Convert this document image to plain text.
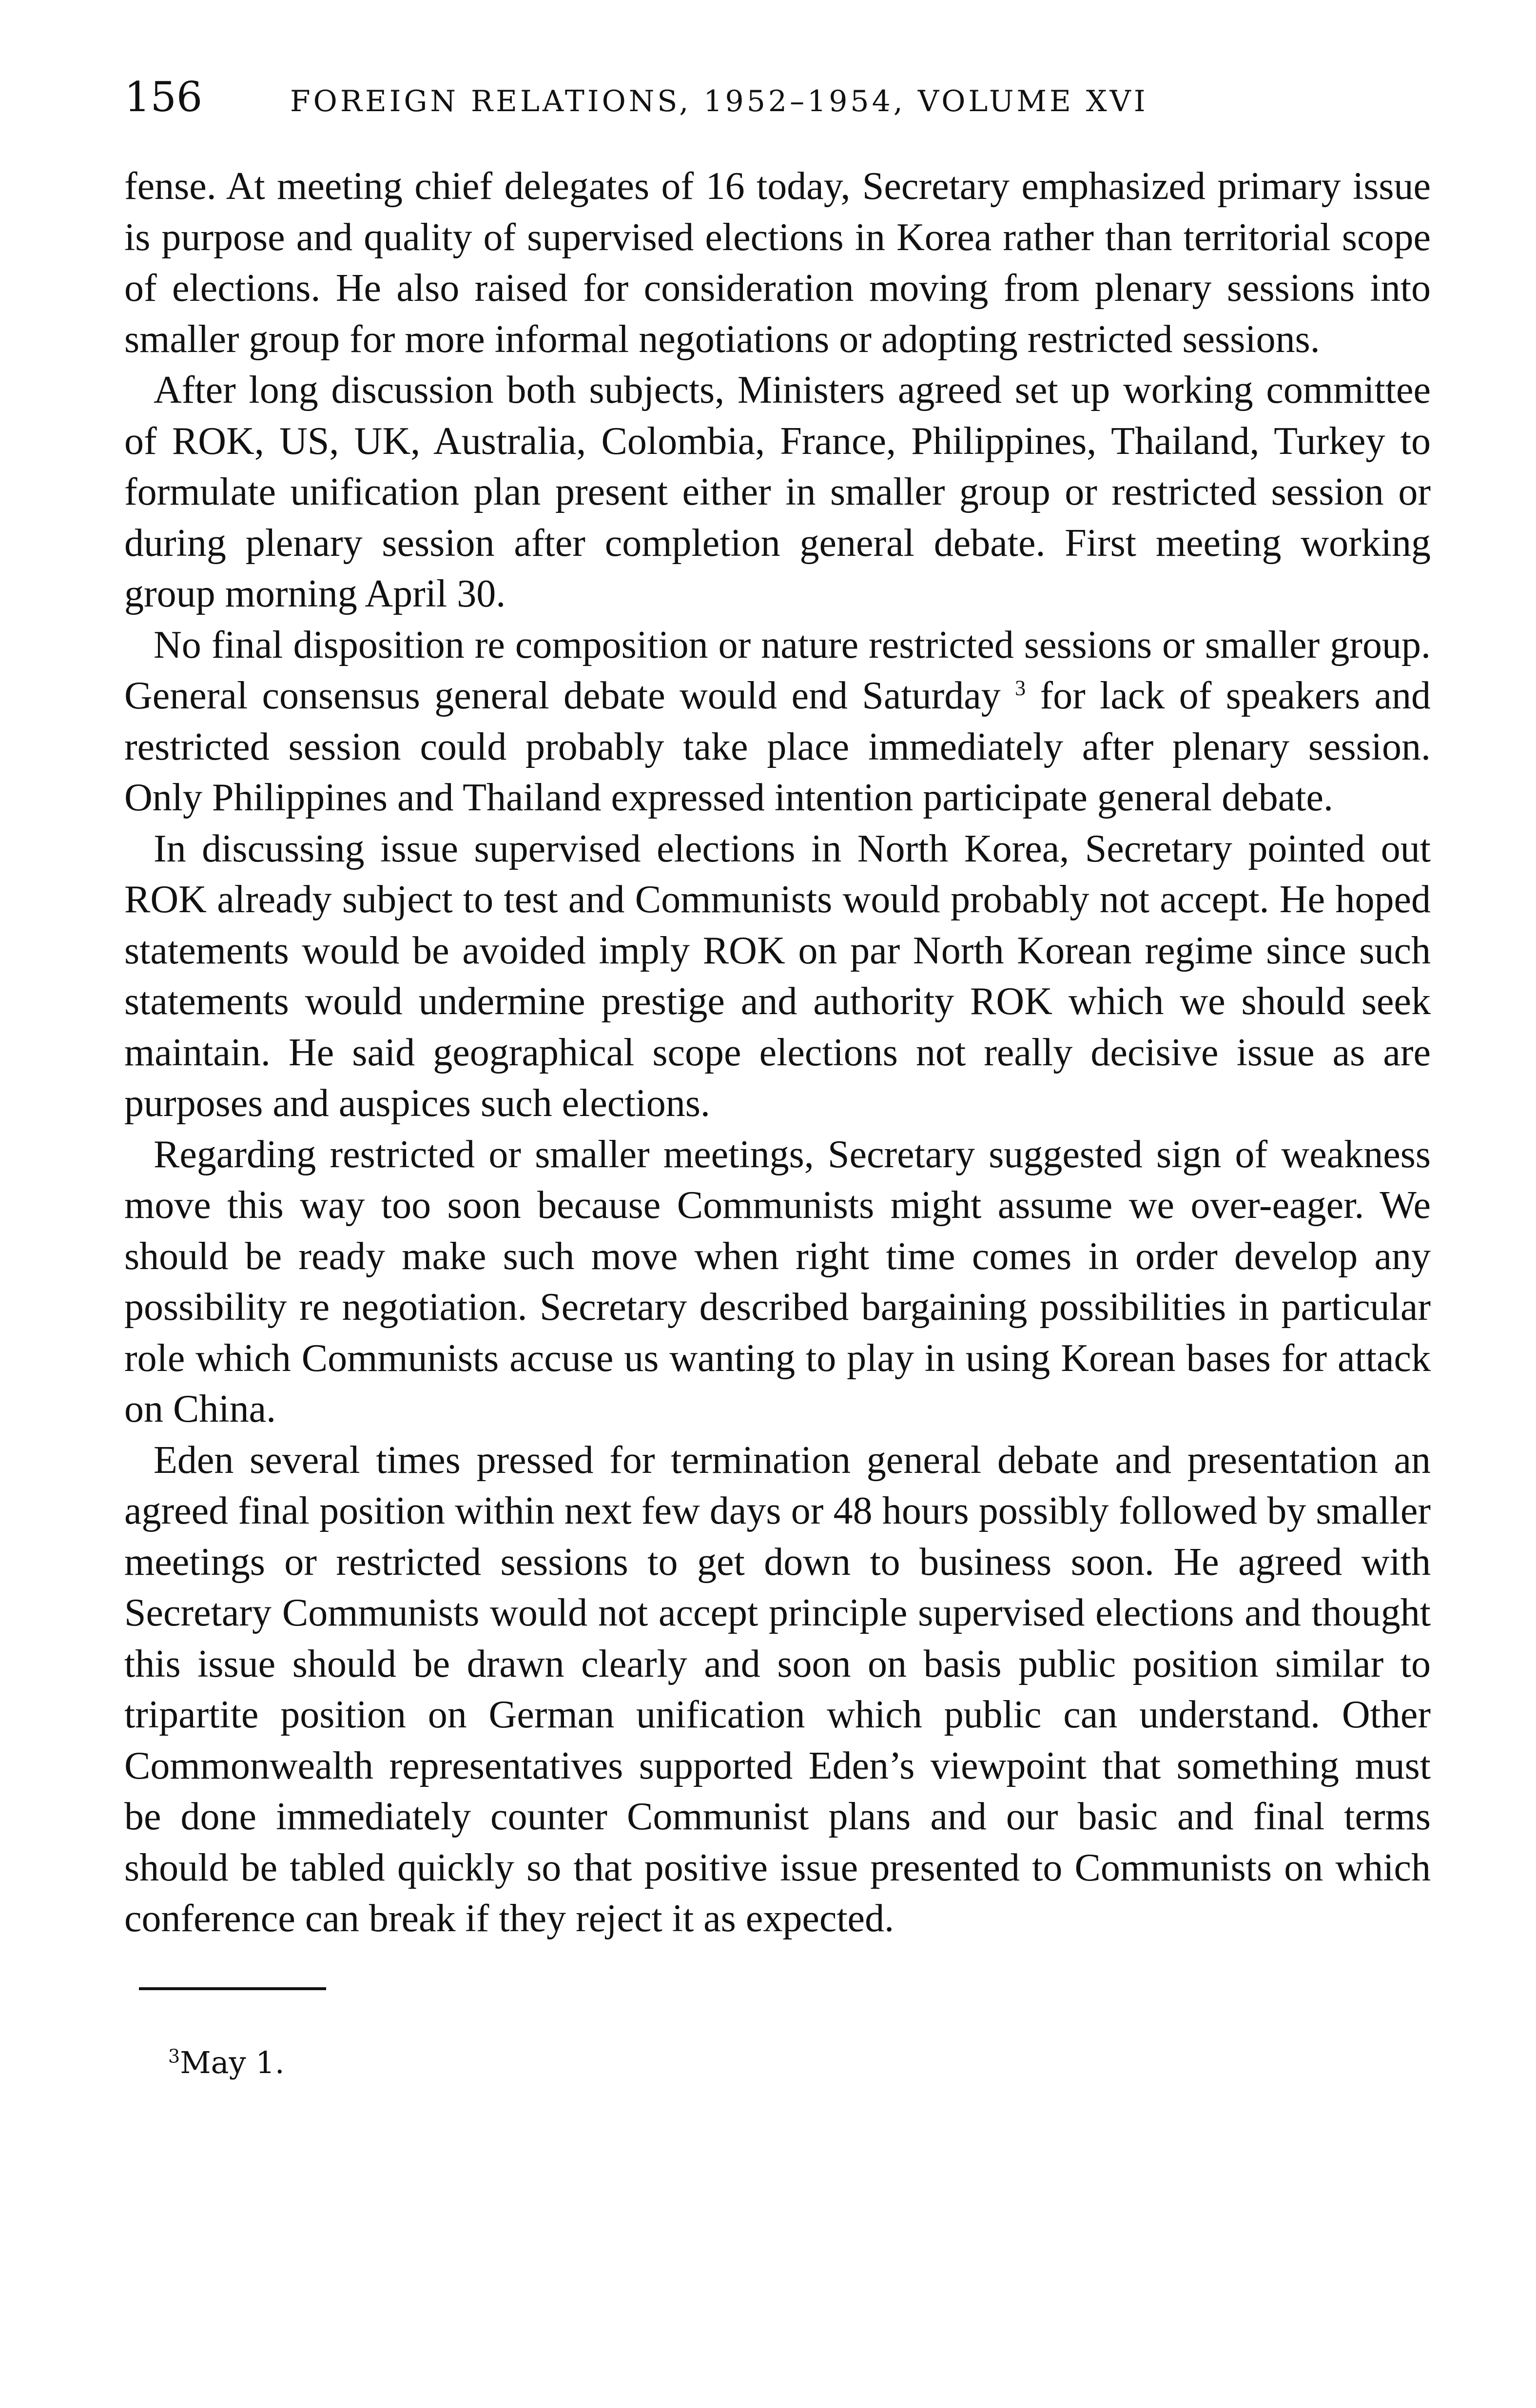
156	FOREIGN RELATIONS, 1952–1954, VOLUME XVI

fense. At meeting chief delegates of 16 today, Secretary emphasized primary issue is purpose and quality of supervised elections in Korea rather than territorial scope of elections. He also raised for consideration moving from plenary sessions into smaller group for more informal negotiations or adopting restricted sessions.

After long discussion both subjects, Ministers agreed set up working committee of ROK, US, UK, Australia, Colombia, France, Philippines, Thailand, Turkey to formulate unification plan present either in smaller group or restricted session or during plenary session after completion general debate. First meeting working group morning April 30.

No final disposition re composition or nature restricted sessions or smaller group. General consensus general debate would end Saturday $^3$ for lack of speakers and restricted session could probably take place immediately after plenary session. Only Philippines and Thailand expressed intention participate general debate.

In discussing issue supervised elections in North Korea, Secretary pointed out ROK already subject to test and Communists would probably not accept. He hoped statements would be avoided imply ROK on par North Korean regime since such statements would undermine prestige and authority ROK which we should seek maintain. He said geographical scope elections not really decisive issue as are purposes and auspices such elections.

Regarding restricted or smaller meetings, Secretary suggested sign of weakness move this way too soon because Communists might assume we over-eager. We should be ready make such move when right time comes in order develop any possibility re negotiation. Secretary described bargaining possibilities in particular role which Communists accuse us wanting to play in using Korean bases for attack on China.

Eden several times pressed for termination general debate and presentation an agreed final position within next few days or 48 hours possibly followed by smaller meetings or restricted sessions to get down to business soon. He agreed with Secretary Communists would not accept principle supervised elections and thought this issue should be drawn clearly and soon on basis public position similar to tripartite position on German unification which public can understand. Other Commonwealth representatives supported Eden’s viewpoint that something must be done immediately counter Communist plans and our basic and final terms should be tabled quickly so that positive issue presented to Communists on which conference can break if they reject it as expected.

$^3$May 1.
